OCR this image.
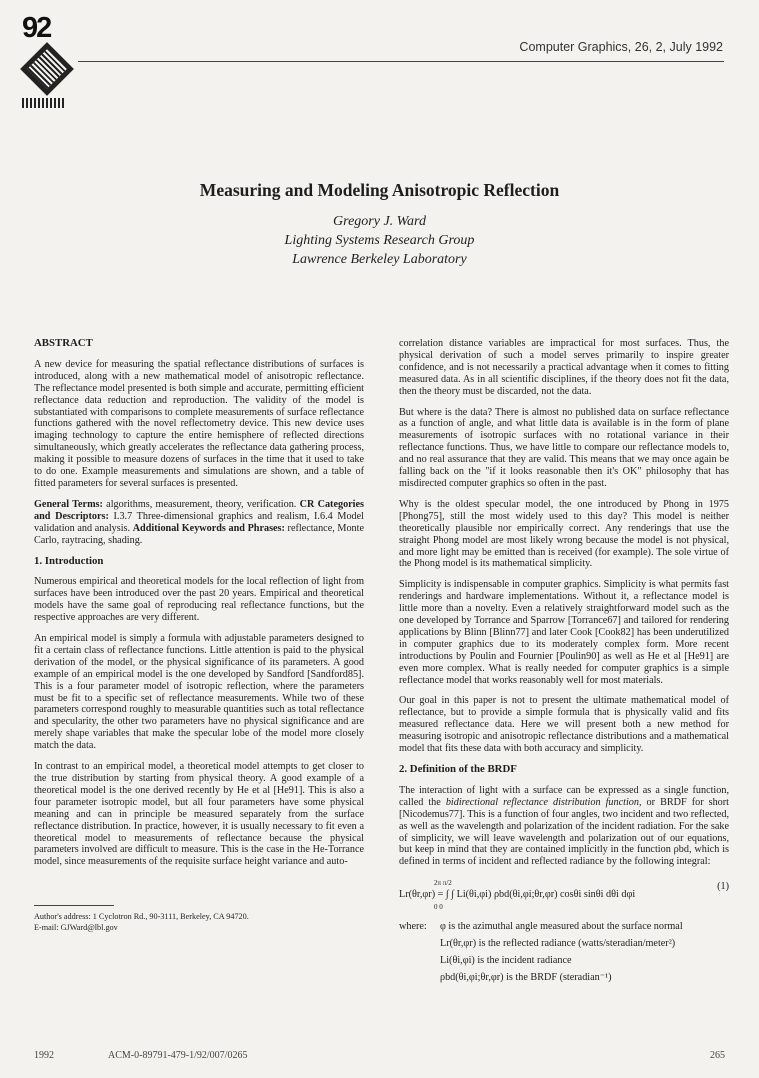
92
Computer Graphics, 26, 2, July 1992
Measuring and Modeling Anisotropic Reflection
Gregory J. Ward
Lighting Systems Research Group
Lawrence Berkeley Laboratory
ABSTRACT

A new device for measuring the spatial reflectance distributions of surfaces is introduced, along with a new mathematical model of anisotropic reflectance. The reflectance model presented is both simple and accurate, permitting efficient reflectance data reduction and reproduction. The validity of the model is substantiated with comparisons to complete measurements of surface reflectance functions gathered with the novel reflectometry device. This new device uses imaging technology to capture the entire hemisphere of reflected directions simultaneously, which greatly accelerates the reflectance data gathering process, making it possible to measure dozens of surfaces in the time that it used to take to do one. Example measurements and simulations are shown, and a table of fitted parameters for several surfaces is presented.

General Terms: algorithms, measurement, theory, verification. CR Categories and Descriptors: I.3.7 Three-dimensional graphics and realism, I.6.4 Model validation and analysis. Additional Keywords and Phrases: reflectance, Monte Carlo, raytracing, shading.

1. Introduction

Numerous empirical and theoretical models for the local reflection of light from surfaces have been introduced over the past 20 years. Empirical and theoretical models have the same goal of reproducing real reflectance functions, but the respective approaches are very different.

An empirical model is simply a formula with adjustable parameters designed to fit a certain class of reflectance functions. Little attention is paid to the physical derivation of the model, or the physical significance of its parameters. A good example of an empirical model is the one developed by Sandford [Sandford85]. This is a four parameter model of isotropic reflection, where the parameters must be fit to a specific set of reflectance measurements. While two of these parameters correspond roughly to measurable quantities such as total reflectance and specularity, the other two parameters have no physical significance and are merely shape variables that make the specular lobe of the model more closely match the data.

In contrast to an empirical model, a theoretical model attempts to get closer to the true distribution by starting from physical theory. A good example of a theoretical model is the one derived recently by He et al [He91]. This is also a four parameter isotropic model, but all four parameters have some physical meaning and can in principle be measured separately from the surface reflectance distribution. In practice, however, it is usually necessary to fit even a theoretical model to measurements of reflectance because the physical parameters involved are difficult to measure. This is the case in the He-Torrance model, since measurements of the requisite surface height variance and auto-

Author's address: 1 Cyclotron Rd., 90-3111, Berkeley, CA 94720.
E-mail: GJWard@lbl.gov

correlation distance variables are impractical for most surfaces. Thus, the physical derivation of such a model serves primarily to inspire greater confidence, and is not necessarily a practical advantage when it comes to fitting measured data. As in all scientific disciplines, if the theory does not fit the data, then the theory must be discarded, not the data.

But where is the data? There is almost no published data on surface reflectance as a function of angle, and what little data is available is in the form of plane measurements of isotropic surfaces with no rotational variance in their reflectance functions. Thus, we have little to compare our reflectance models to, and no real assurance that they are valid. This means that we may once again be falling back on the "if it looks reasonable then it's OK" philosophy that has misdirected computer graphics so often in the past.

Why is the oldest specular model, the one introduced by Phong in 1975 [Phong75], still the most widely used to this day? This model is neither theoretically plausible nor empirically correct. Any renderings that use the straight Phong model are most likely wrong because the model is not physical, and more light may be emitted than is received (for example). The sole virtue of the Phong model is its mathematical simplicity.

Simplicity is indispensable in computer graphics. Simplicity is what permits fast renderings and hardware implementations. Without it, a reflectance model is little more than a novelty. Even a relatively straightforward model such as the one developed by Torrance and Sparrow [Torrance67] and tailored for rendering applications by Blinn [Blinn77] and later Cook [Cook82] has been underutilized in computer graphics due to its moderately complex form. More recent introductions by Poulin and Fournier [Poulin90] as well as He et al [He91] are even more complex. What is really needed for computer graphics is a simple reflectance model that works reasonably well for most materials.

Our goal in this paper is not to present the ultimate mathematical model of reflectance, but to provide a simple formula that is physically valid and fits measured reflectance data. Here we will present both a new method for measuring isotropic and anisotropic reflectance distributions and a mathematical model that fits these data with both accuracy and simplicity.

2. Definition of the BRDF

The interaction of light with a surface can be expressed as a single function, called the bidirectional reflectance distribution function, or BRDF for short [Nicodemus77]. This is a function of four angles, two incident and two reflected, as well as the wavelength and polarization of the incident radiation. For the sake of simplicity, we will leave wavelength and polarization out of our equations, but keep in mind that they are contained implicitly in the function ρbd, which is defined in terms of incident and reflected radiance by the following integral:

2π π/2
Lr(θr,φr) = ∫ ∫ Li(θi,φi) ρbd(θi,φi;θr,φr) cosθi sinθi dθi dφi
0 0
(1)
where: φ is the azimuthal angle measured about the surface normal
Lr(θr,φr) is the reflected radiance (watts/steradian/meter²)
Li(θi,φi) is the incident radiance
ρbd(θi,φi;θr,φr) is the BRDF (steradian⁻¹)
1992	ACM-0-89791-479-1/92/007/0265	265
